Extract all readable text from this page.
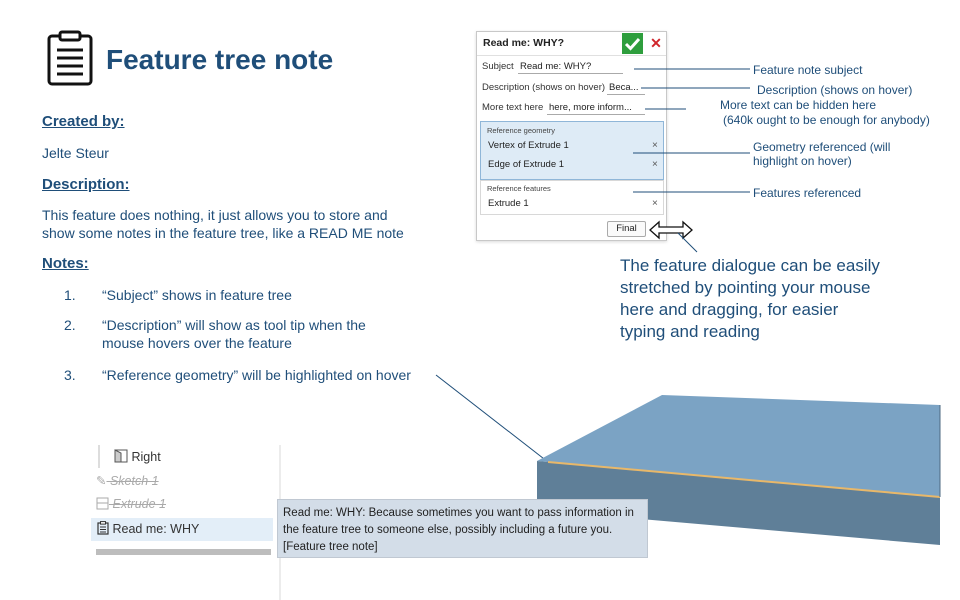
Feature tree note
Created by:
Jelte Steur
Description:
This feature does nothing, it just allows you to store and show some notes in the feature tree, like a READ ME note
Notes:
1. “Subject” shows in feature tree
2. “Description” will show as tool tip when the mouse hovers over the feature
3. “Reference geometry” will be highlighted on hover
Read me: WHY?	✕
Subject Read me: WHY?
Description (shows on hover) Beca...
More text here here, more inform...
Reference geometry
Vertex of Extrude 1	×
Edge of Extrude 1	×
Reference features
Extrude 1	×
Final
Feature note subject
Description (shows on hover)
More text can be hidden here
(640k ought to be enough for anybody)
Geometry referenced (will
highlight on hover)
Features referenced
The feature dialogue can be easily stretched by pointing your mouse here and dragging, for easier typing and reading
Right
✎ Sketch 1
Extrude 1
Read me: WHY
Read me: WHY: Because sometimes you want to pass information in the feature tree to someone else, possibly including a future you. [Feature tree note]
